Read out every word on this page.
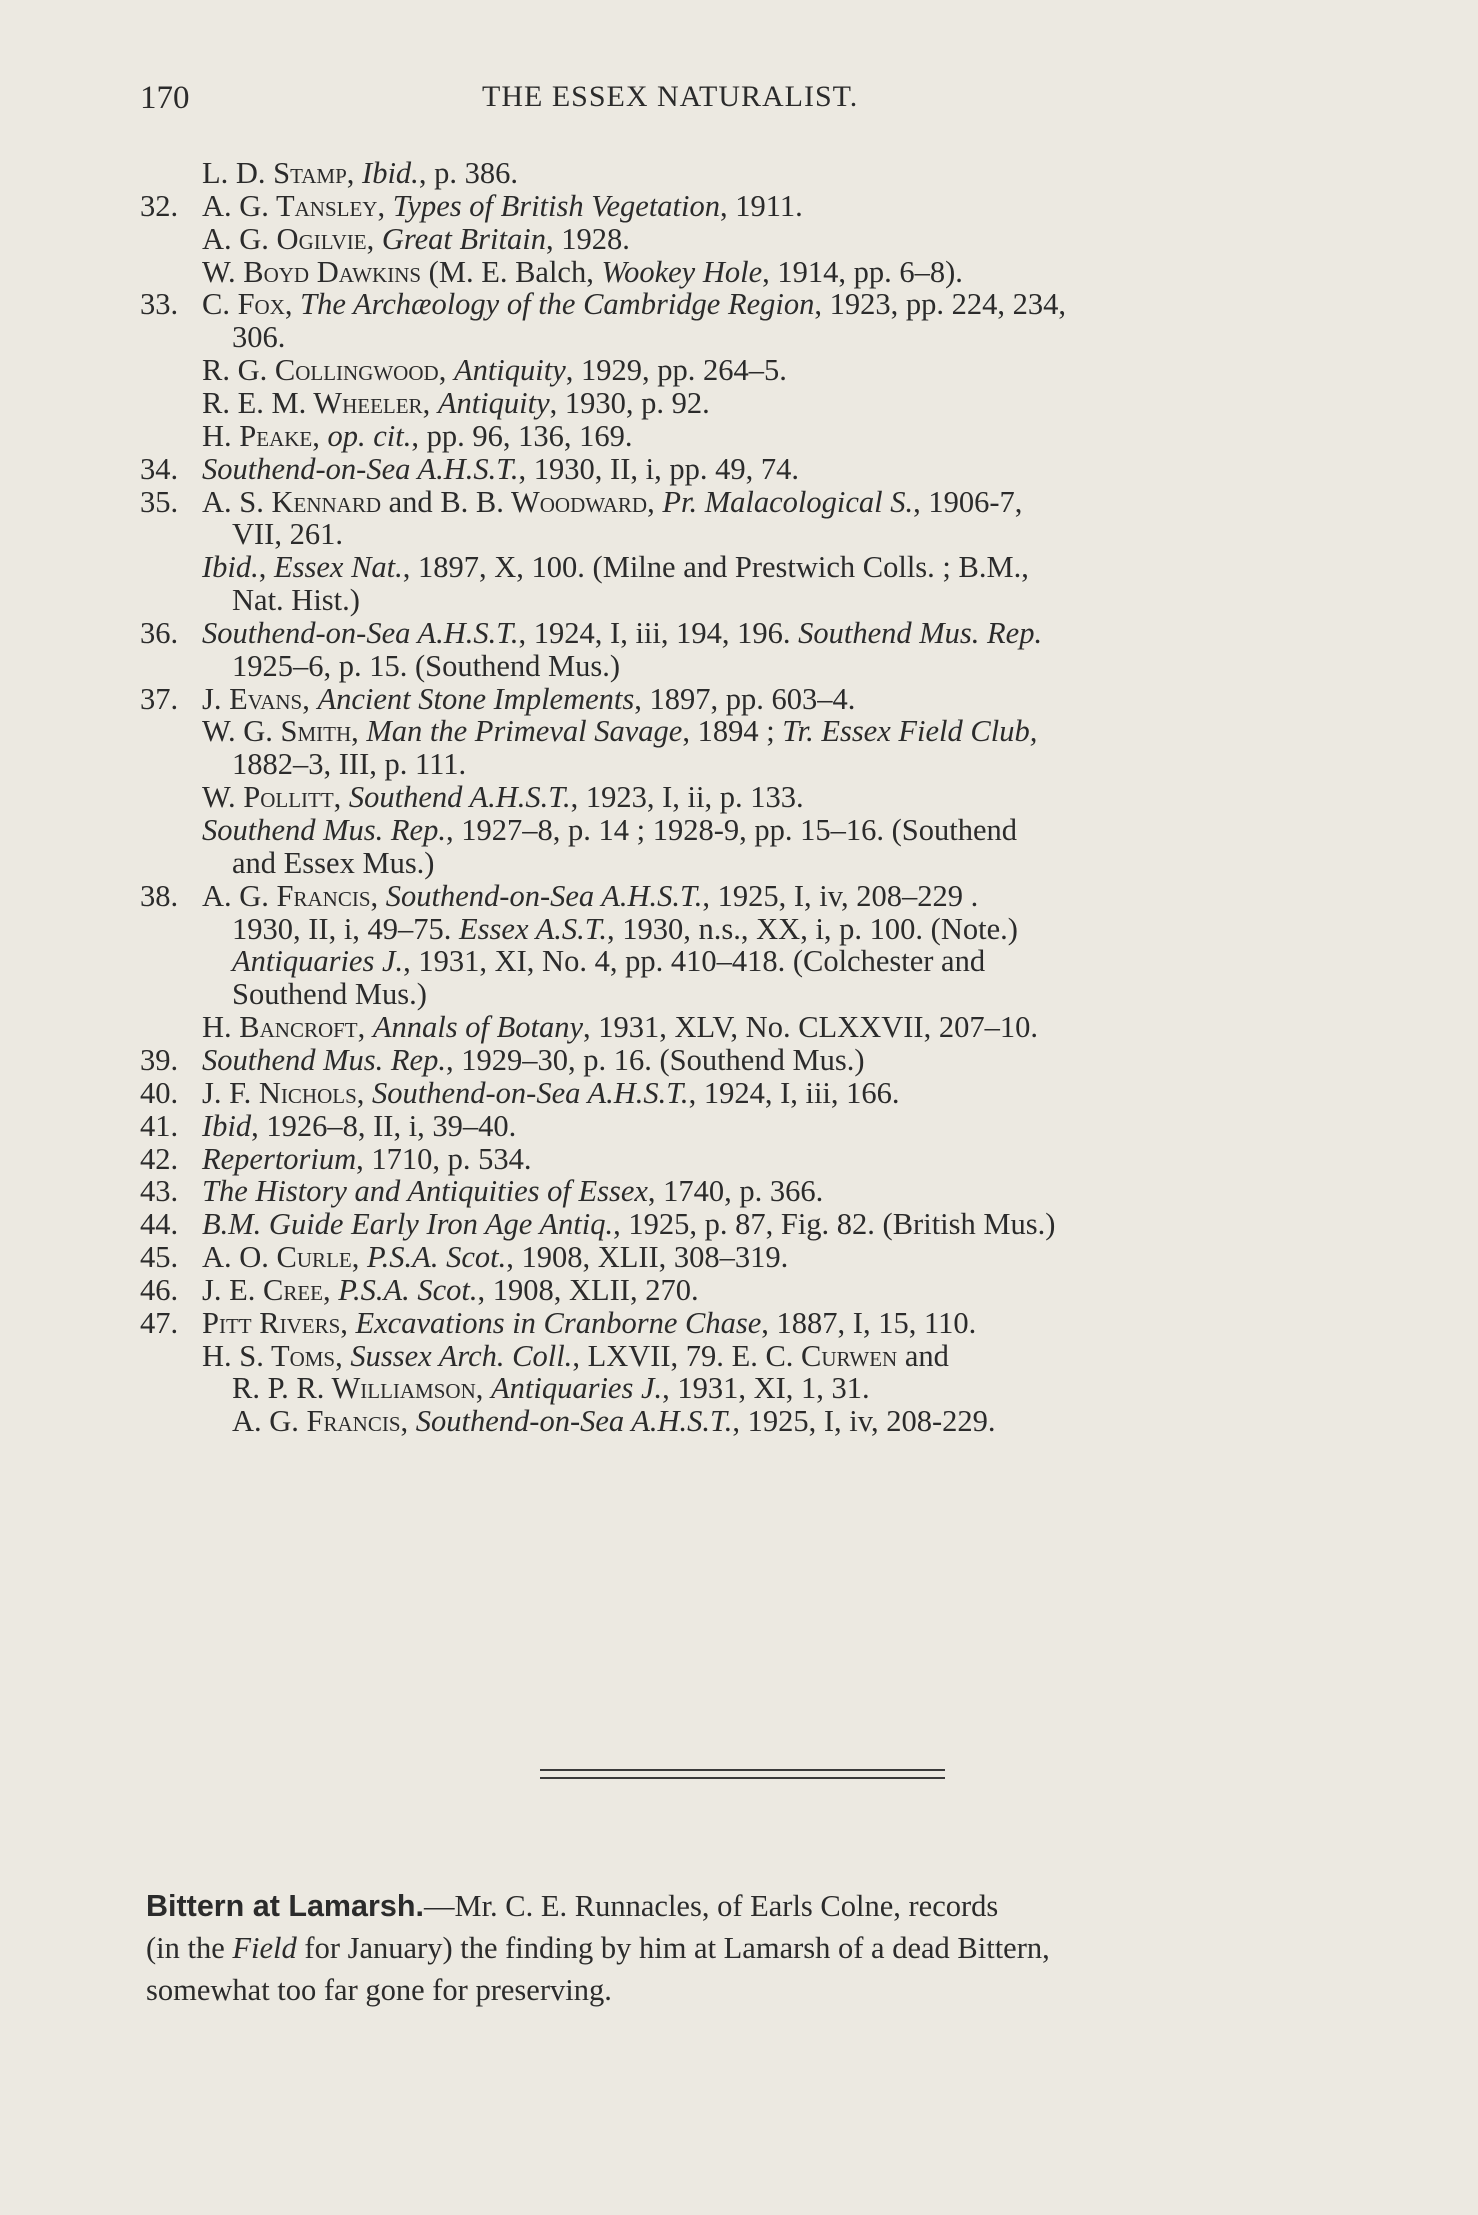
170	THE ESSEX NATURALIST.
L. D. Stamp, Ibid., p. 386.
32. A. G. Tansley, Types of British Vegetation, 1911.
A. G. Ogilvie, Great Britain, 1928.
W. Boyd Dawkins (M. E. Balch, Wookey Hole, 1914, pp. 6–8).
33. C. Fox, The Archæology of the Cambridge Region, 1923, pp. 224, 234,
306.
R. G. Collingwood, Antiquity, 1929, pp. 264–5.
R. E. M. Wheeler, Antiquity, 1930, p. 92.
H. Peake, op. cit., pp. 96, 136, 169.
34. Southend-on-Sea A.H.S.T., 1930, II, i, pp. 49, 74.
35. A. S. Kennard and B. B. Woodward, Pr. Malacological S., 1906-7,
VII, 261.
Ibid., Essex Nat., 1897, X, 100. (Milne and Prestwich Colls. ; B.M.,
Nat. Hist.)
36. Southend-on-Sea A.H.S.T., 1924, I, iii, 194, 196. Southend Mus. Rep.
1925–6, p. 15. (Southend Mus.)
37. J. Evans, Ancient Stone Implements, 1897, pp. 603–4.
W. G. Smith, Man the Primeval Savage, 1894 ; Tr. Essex Field Club,
1882–3, III, p. 111.
W. Pollitt, Southend A.H.S.T., 1923, I, ii, p. 133.
Southend Mus. Rep., 1927–8, p. 14 ; 1928-9, pp. 15–16. (Southend
and Essex Mus.)
38. A. G. Francis, Southend-on-Sea A.H.S.T., 1925, I, iv, 208–229 .
1930, II, i, 49–75. Essex A.S.T., 1930, n.s., XX, i, p. 100. (Note.)
Antiquaries J., 1931, XI, No. 4, pp. 410–418. (Colchester and
Southend Mus.)
H. Bancroft, Annals of Botany, 1931, XLV, No. CLXXVII, 207–10.
39. Southend Mus. Rep., 1929–30, p. 16. (Southend Mus.)
40. J. F. Nichols, Southend-on-Sea A.H.S.T., 1924, I, iii, 166.
41. Ibid, 1926–8, II, i, 39–40.
42. Repertorium, 1710, p. 534.
43. The History and Antiquities of Essex, 1740, p. 366.
44. B.M. Guide Early Iron Age Antiq., 1925, p. 87, Fig. 82. (British Mus.)
45. A. O. Curle, P.S.A. Scot., 1908, XLII, 308–319.
46. J. E. Cree, P.S.A. Scot., 1908, XLII, 270.
47. Pitt Rivers, Excavations in Cranborne Chase, 1887, I, 15, 110.
H. S. Toms, Sussex Arch. Coll., LXVII, 79. E. C. Curwen and
R. P. R. Williamson, Antiquaries J., 1931, XI, 1, 31.
A. G. Francis, Southend-on-Sea A.H.S.T., 1925, I, iv, 208-229.
Bittern at Lamarsh.—Mr. C. E. Runnacles, of Earls Colne, records
(in the Field for January) the finding by him at Lamarsh of a dead Bittern,
somewhat too far gone for preserving.
